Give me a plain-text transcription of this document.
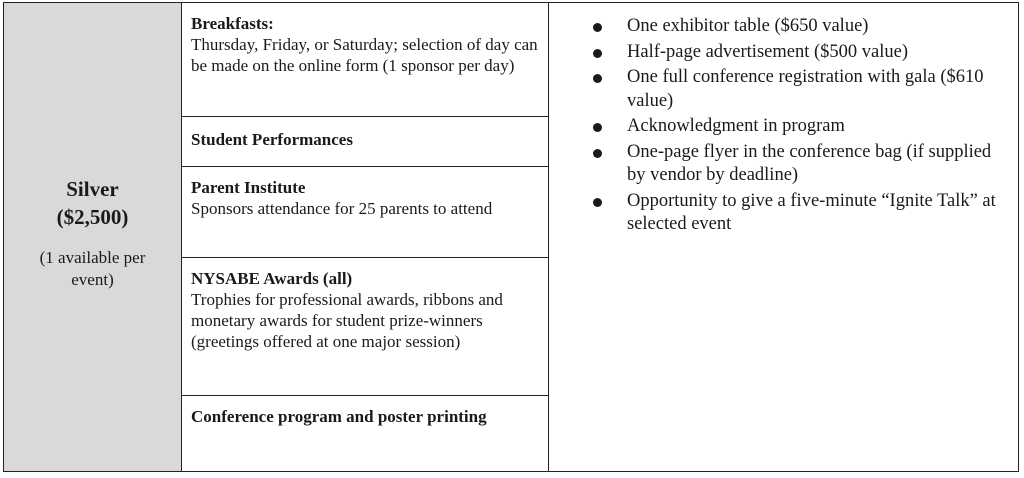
Silver
($2,500)
(1 available per event)
Breakfasts:
Thursday, Friday, or Saturday; selection of day can be made on the online form (1 sponsor per day)
Student Performances
Parent Institute
Sponsors attendance for 25 parents to attend
NYSABE Awards (all)
Trophies for professional awards, ribbons and monetary awards for student prize-winners (greetings offered at one major session)
Conference program and poster printing
One exhibitor table ($650 value)
Half-page advertisement ($500 value)
One full conference registration with gala ($610 value)
Acknowledgment in program
One-page flyer in the conference bag (if supplied by vendor by deadline)
Opportunity to give a five-minute “Ignite Talk” at selected event
